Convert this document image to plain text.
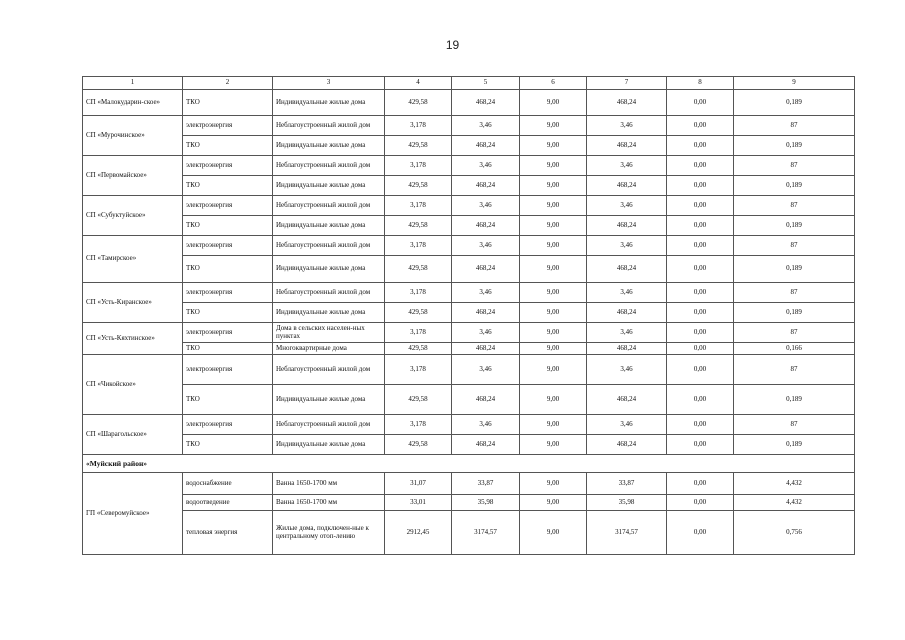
19
1	2	3	4	5	6	7	8	9
СП «Малокударин-ское»	ТКО	Индивидуальные жилые дома	429,58	468,24	9,00	468,24	0,00	0,189
СП «Мурочинское»	электроэнергия	Неблагоустроенный жилой дом	3,178	3,46	9,00	3,46	0,00	87
	ТКО	Индивидуальные жилые дома	429,58	468,24	9,00	468,24	0,00	0,189
СП «Первомайское»	электроэнергия	Неблагоустроенный жилой дом	3,178	3,46	9,00	3,46	0,00	87
	ТКО	Индивидуальные жилые дома	429,58	468,24	9,00	468,24	0,00	0,189
СП «Субуктуйское»	электроэнергия	Неблагоустроенный жилой дом	3,178	3,46	9,00	3,46	0,00	87
	ТКО	Индивидуальные жилые дома	429,58	468,24	9,00	468,24	0,00	0,189
СП «Тамирское»	электроэнергия	Неблагоустроенный жилой дом	3,178	3,46	9,00	3,46	0,00	87
	ТКО	Индивидуальные жилые дома	429,58	468,24	9,00	468,24	0,00	0,189
СП «Усть-Киранское»	электроэнергия	Неблагоустроенный жилой дом	3,178	3,46	9,00	3,46	0,00	87
	ТКО	Индивидуальные жилые дома	429,58	468,24	9,00	468,24	0,00	0,189
СП «Усть-Кяхтинское»	электроэнергия	Дома в сельских населен-ных пунктах	3,178	3,46	9,00	3,46	0,00	87
	ТКО	Многоквартирные дома	429,58	468,24	9,00	468,24	0,00	0,166
СП «Чикойское»	электроэнергия	Неблагоустроенный жилой дом	3,178	3,46	9,00	3,46	0,00	87
	ТКО	Индивидуальные жилые дома	429,58	468,24	9,00	468,24	0,00	0,189
СП «Шарагольское»	электроэнергия	Неблагоустроенный жилой дом	3,178	3,46	9,00	3,46	0,00	87
	ТКО	Индивидуальные жилые дома	429,58	468,24	9,00	468,24	0,00	0,189
«Муйский район»								
ГП «Северомуйское»	водоснабжение	Ванна 1650-1700 мм	31,07	33,87	9,00	33,87	0,00	4,432
	водоотведение	Ванна 1650-1700 мм	33,01	35,98	9,00	35,98	0,00	4,432
	тепловая энергия	Жилые дома, подключен-ные к центральному отоп-лению	2912,45	3174,57	9,00	3174,57	0,00	0,756
